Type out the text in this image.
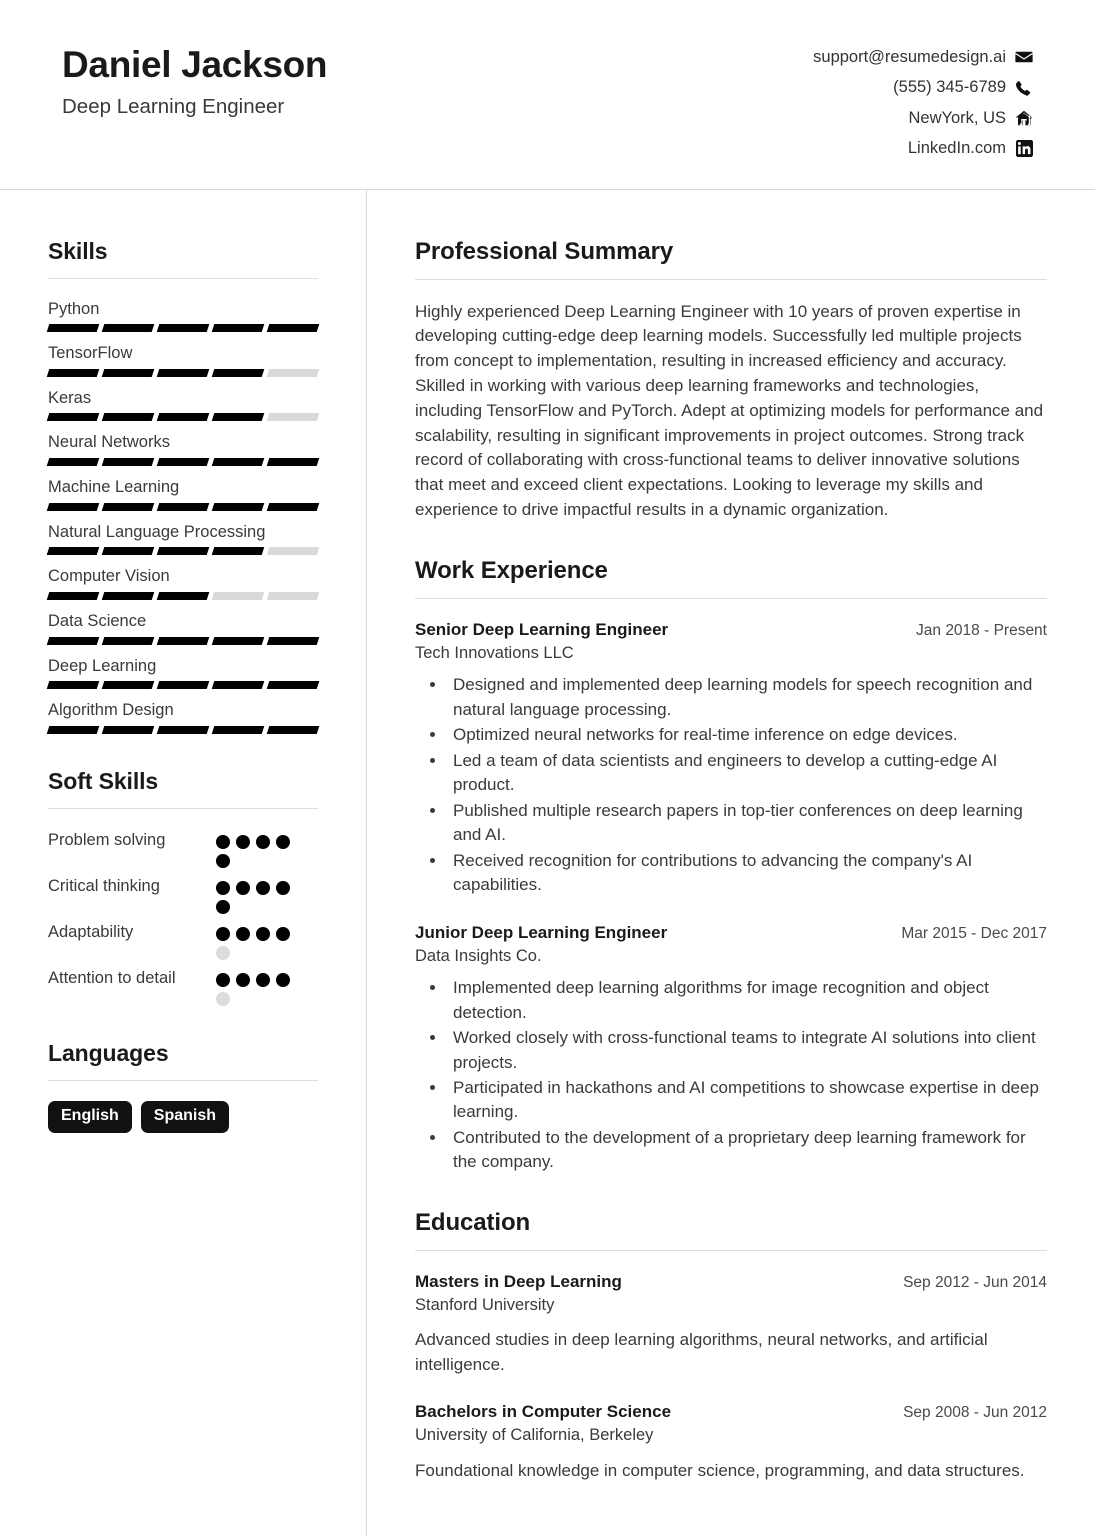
Daniel Jackson
Deep Learning Engineer
support@resumedesign.ai
(555) 345-6789
NewYork, US
LinkedIn.com
Skills
Python
TensorFlow
Keras
Neural Networks
Machine Learning
Natural Language Processing
Computer Vision
Data Science
Deep Learning
Algorithm Design
Soft Skills
Problem solving
Critical thinking
Adaptability
Attention to detail
Languages
English	Spanish
Professional Summary

Highly experienced Deep Learning Engineer with 10 years of proven expertise in developing cutting-edge deep learning models. Successfully led multiple projects from concept to implementation, resulting in increased efficiency and accuracy. Skilled in working with various deep learning frameworks and technologies, including TensorFlow and PyTorch. Adept at optimizing models for performance and scalability, resulting in significant improvements in project outcomes. Strong track record of collaborating with cross-functional teams to deliver innovative solutions that meet and exceed client expectations. Looking to leverage my skills and experience to drive impactful results in a dynamic organization.

Work Experience
Senior Deep Learning Engineer	Jan 2018 - Present
Tech Innovations LLC
• Designed and implemented deep learning models for speech recognition and natural language processing.
• Optimized neural networks for real-time inference on edge devices.
• Led a team of data scientists and engineers to develop a cutting-edge AI product.
• Published multiple research papers in top-tier conferences on deep learning and AI.
• Received recognition for contributions to advancing the company's AI capabilities.
Junior Deep Learning Engineer	Mar 2015 - Dec 2017
Data Insights Co.
• Implemented deep learning algorithms for image recognition and object detection.
• Worked closely with cross-functional teams to integrate AI solutions into client projects.
• Participated in hackathons and AI competitions to showcase expertise in deep learning.
• Contributed to the development of a proprietary deep learning framework for the company.
Education
Masters in Deep Learning	Sep 2012 - Jun 2014
Stanford University
Advanced studies in deep learning algorithms, neural networks, and artificial intelligence.
Bachelors in Computer Science	Sep 2008 - Jun 2012
University of California, Berkeley
Foundational knowledge in computer science, programming, and data structures.
